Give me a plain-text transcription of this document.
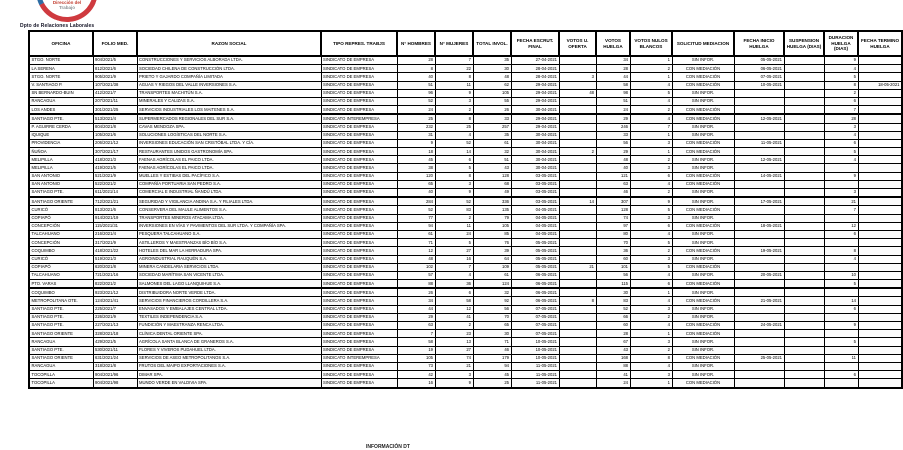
Dirección del
Trabajo
Dpto de Relaciones Laborales
OFICINA	FOLIO MED.	RAZON SOCIAL	TIPO REPRES. TRABJS	N° HOMBRES	N° MUJERES	TOTAL INVOL.	FECHA ESCRUT. FINAL	VOTOS U. OFERTA	VOTOS HUELGA	VOTOS NULOS BLANCOS	SOLICITUD MEDIACION	FECHA INICIO HUELGA	SUSPENSION HUELGA (DIAS)	DURACION HUELGA (DIAS)	FECHA TERMINO HUELGA
STGO. NORTE	904/2021/5	CONSTRUCCIONES Y SERVICIOS ALBORADA LTDA.	SINDICATO DE EMPRESA	28	7	35	27-04-2021		34	1	SIN INFOR.	05-05-2021		9	
LA SERENA	812/2021/6	SOCIEDAD CHILENA DE CONSTRUCCIÓN LTDA.	SINDICATO DE EMPRESA	8	22	30	28-04-2021		28	2	CON MEDIACIÓN	06-05-2021		4	
STGO. NORTE	905/2021/9	PRIETO Y GAJARDO COMPAÑÍA LIMITADA	SINDICATO DE EMPRESA	40	8	48	28-04-2021	3	44	1	CON MEDIACIÓN	07-05-2021		5	
V. SANTIAGO P.	107/2021/38	AGUAS Y RIEGOS DEL VALLE INVERSIONES S.A.	SINDICATO DE EMPRESA	51	11	62	29-04-2021		58	4	CON MEDIACIÓN	10-05-2021		8	18-05-2021
SN BERNARDO-BUIN	412/2021/7	TRANSPORTES MACHITÚN S.A.	SINDICATO DE EMPRESA	96	9	105	29-04-2021	48	98	5	SIN INFOR.			2	
RANCAGUA	207/2021/11	MINERALES Y CALIZAS S.A.	SINDICATO DE EMPRESA	52	3	55	29-04-2021		51	4	SIN INFOR.			6	
LOS ANDES	301/2021/25	SERVICIOS INDUSTRIALES LOS MAITENES S.A.	SINDICATO DE EMPRESA	24	2	26	30-04-2021		24	2	CON MEDIACIÓN			7	
SANTIAGO PTE.	513/2021/4	SUPERMERCADOS REGIONALES DEL SUR S.A.	SINDICATO INTEREMPRESA	25	8	33	29-04-2021		29	4	CON MEDIACIÓN	12-05-2021		28	
P. AGUIRRE CERDA	804/2021/8	CAVAS MENDOZA SPA.	SINDICATO DE EMPRESA	232	25	257	29-04-2021		246	7	SIN INFOR.			3	
IQUIQUE	105/2021/6	SOLUCIONES LOGÍSTICAS DEL NORTE S.A.	SINDICATO DE EMPRESA	31	4	35	30-04-2021		33	1	SIN INFOR.			4	
PROVIDENCIA	206/2021/12	INVERSIONES EDUCACIÓN SAN CRISTÓBAL LTDA. Y CÍA.	SINDICATO DE EMPRESA	9	52	61	30-04-2021		56	3	CON MEDIACIÓN	11-05-2021		6	
ÑUÑOA	307/2021/17	RESTAURANTES UNIDOS GASTRONOMÍA SPA.	SINDICATO DE EMPRESA	18	14	32	30-04-2021	2	29	1	CON MEDIACIÓN			5	
MELIPILLA	418/2021/3	FAENAS AGRÍCOLAS EL PAICO LTDA.	SINDICATO DE EMPRESA	45	6	51	30-04-2021		48	2	SIN INFOR.	12-05-2021		4	
MELIPILLA	419/2021/5	FAENAS AGRÍCOLAS EL PAICO LTDA.	SINDICATO DE EMPRESA	38	5	43	30-04-2021		40	3	SIN INFOR.				
SAN ANTONIO	521/2021/9	MUELLES Y ESTIBAS DEL PACÍFICO S.A.	SINDICATO DE EMPRESA	120	8	128	03-05-2021		121	6	CON MEDIACIÓN	14-05-2021		9	
SAN ANTONIO	522/2021/2	COMPAÑÍA PORTUARIA SAN PEDRO S.A.	SINDICATO DE EMPRESA	65	3	68	03-05-2021		63	4	CON MEDIACIÓN				
SANTIAGO PTE.	611/2021/14	COMERCIAL E INDUSTRIAL ÑANDÚ LTDA.	SINDICATO DE EMPRESA	40	9	49	03-05-2021		46	2	SIN INFOR.			3	
SANTIAGO ORIENTE	712/2021/21	SEGURIDAD Y VIGILANCIA ANDINA S.A. Y FILIALES LTDA.	SINDICATO DE EMPRESA	284	52	336	03-05-2021	14	307	9	SIN INFOR.	17-05-2021		21	
CURICÓ	813/2021/6	CONSERVERA DEL MAULE ALIMENTOS S.A.	SINDICATO DE EMPRESA	52	83	135	04-05-2021		128	5	CON MEDIACIÓN			7	
COPIAPÓ	914/2021/19	TRANSPORTES MINEROS ATACAMA LTDA.	SINDICATO DE EMPRESA	77	2	79	04-05-2021		74	3	SIN INFOR.				
CONCEPCIÓN	115/2021/31	INVERSIONES EN VÍAS Y PAVIMENTOS DEL SUR LTDA. Y COMPAÑÍA SPA.	SINDICATO DE EMPRESA	94	11	105	04-05-2021		97	6	CON MEDIACIÓN	18-05-2021		12	
TALCAHUANO	216/2021/4	PESQUERA TALCAHUANO S.A.	SINDICATO DE EMPRESA	61	24	85	04-05-2021		80	4	SIN INFOR.			6	
CONCEPCIÓN	317/2021/9	ASTILLEROS Y MAESTRANZAS BÍO BÍO S.A.	SINDICATO DE EMPRESA	71	5	76	05-05-2021		70	5	SIN INFOR.				
COQUIMBO	418/2021/22	HOTELES DEL MAR LA HERRADURA SPA.	SINDICATO DE EMPRESA	12	27	39	05-05-2021		36	2	CON MEDIACIÓN	19-05-2021		8	
CURICÓ	519/2021/3	AGROINDUSTRIAL RAUQUÉN S.A.	SINDICATO DE EMPRESA	48	16	64	05-05-2021		60	3	SIN INFOR.			4	
COPIAPÓ	620/2021/8	MINERA CANDELARIA SERVICIOS LTDA.	SINDICATO DE EMPRESA	102	7	109	05-05-2021	21	101	5	CON MEDIACIÓN				
TALCAHUANO	721/2021/16	SOCIEDAD MARÍTIMA SAN VICENTE LTDA.	SINDICATO DE EMPRESA	57	4	61	06-05-2021		56	4	SIN INFOR.	20-05-2021		10	
PTO. VARAS	822/2021/2	SALMONES DEL LAGO LLANQUIHUE S.A.	SINDICATO DE EMPRESA	88	36	124	06-05-2021		115	6	CON MEDIACIÓN			5	
COQUIMBO	923/2021/12	DISTRIBUIDORA NORTE VERDE LTDA.	SINDICATO DE EMPRESA	26	6	32	06-05-2021		30	1	SIN INFOR.				
METROPOLITANA OTE.	124/2021/41	SERVICIOS FINANCIEROS CORDILLERA S.A.	SINDICATO DE EMPRESA	34	58	92	06-05-2021	8	83	4	CON MEDIACIÓN	21-05-2021		14	
SANTIAGO PTE.	225/2021/7	ENVASADOS Y EMBALAJES CENTRAL LTDA.	SINDICATO DE EMPRESA	44	12	56	07-05-2021		52	3	SIN INFOR.			6	
SANTIAGO PTE.	226/2021/9	TEXTILES INDEPENDENCIA S.A.	SINDICATO DE EMPRESA	29	41	70	07-05-2021		66	2	SIN INFOR.				
SANTIAGO PTE.	227/2021/13	FUNDICIÓN Y MAESTRANZA RENCA LTDA.	SINDICATO DE EMPRESA	63	2	65	07-05-2021		60	4	CON MEDIACIÓN	24-05-2021		9	
SANTIAGO ORIENTE	328/2021/18	CLÍNICA DENTAL ORIENTE SPA.	SINDICATO DE EMPRESA	7	23	30	07-05-2021		28	1	CON MEDIACIÓN				
RANCAGUA	429/2021/5	AGRÍCOLA SANTA BLANCA DE GRANEROS S.A.	SINDICATO DE EMPRESA	58	13	71	10-05-2021		67	3	SIN INFOR.			5	
SANTIAGO PTE.	530/2021/11	FLORES Y VIVEROS PUDAHUEL LTDA.	SINDICATO DE EMPRESA	19	27	46	10-05-2021		43	2	SIN INFOR.				
SANTIAGO ORIENTE	631/2021/24	SERVICIOS DE ASEO METROPOLITANOS S.A.	SINDICATO INTEREMPRESA	105	74	179	10-05-2021		168	8	CON MEDIACIÓN	25-05-2021		11	
RANCAGUA	318/2021/8	FRUTOS DEL MAIPO EXPORTACIONES S.A.	SINDICATO DE EMPRESA	73	21	94	11-05-2021		88	4	SIN INFOR.				
TOCOPILLA	904/2021/96	DIMAR SPA.	SINDICATO DE EMPRESA	42	3	45	11-05-2021		41	3	SIN INFOR.			6	
TOCOPILLA	904/2021/98	MUNDO VERDE EN VALDIVIA SPA.	SINDICATO DE EMPRESA	16	9	25	11-05-2021		24	1	CON MEDIACIÓN				
INFORMACIÓN DT
